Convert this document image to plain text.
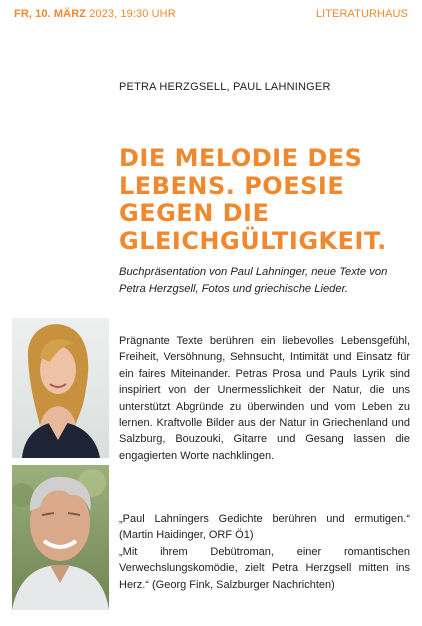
FR, 10. MÄRZ 2023, 19:30 UHR	LITERATURHAUS
PETRA HERZGSELL, PAUL LAHNINGER
DIE MELODIE DES LEBENS. POESIE GEGEN DIE GLEICHGÜLTIGKEIT.

Buchpräsentation von Paul Lahninger, neue Texte von Petra Herzgsell, Fotos und griechische Lieder.

Prägnante Texte berühren ein liebevolles Lebensgefühl, Freiheit, Versöhnung, Sehnsucht, Intimität und Einsatz für ein faires Miteinander. Petras Prosa und Pauls Lyrik sind inspiriert von der Unermesslichkeit der Natur, die uns unterstützt Abgründe zu überwinden und vom Leben zu lernen. Kraftvolle Bilder aus der Natur in Griechenland und Salzburg, Bouzouki, Gitarre und Gesang lassen die engagierten Worte nachklingen.

„Paul Lahningers Gedichte berühren und ermutigen.“ (Martin Haidinger, ORF Ö1)

„Mit ihrem Debütroman, einer romantischen Verwechslungskomödie, zielt Petra Herzgsell mitten ins Herz.“ (Georg Fink, Salzburger Nachrichten)
